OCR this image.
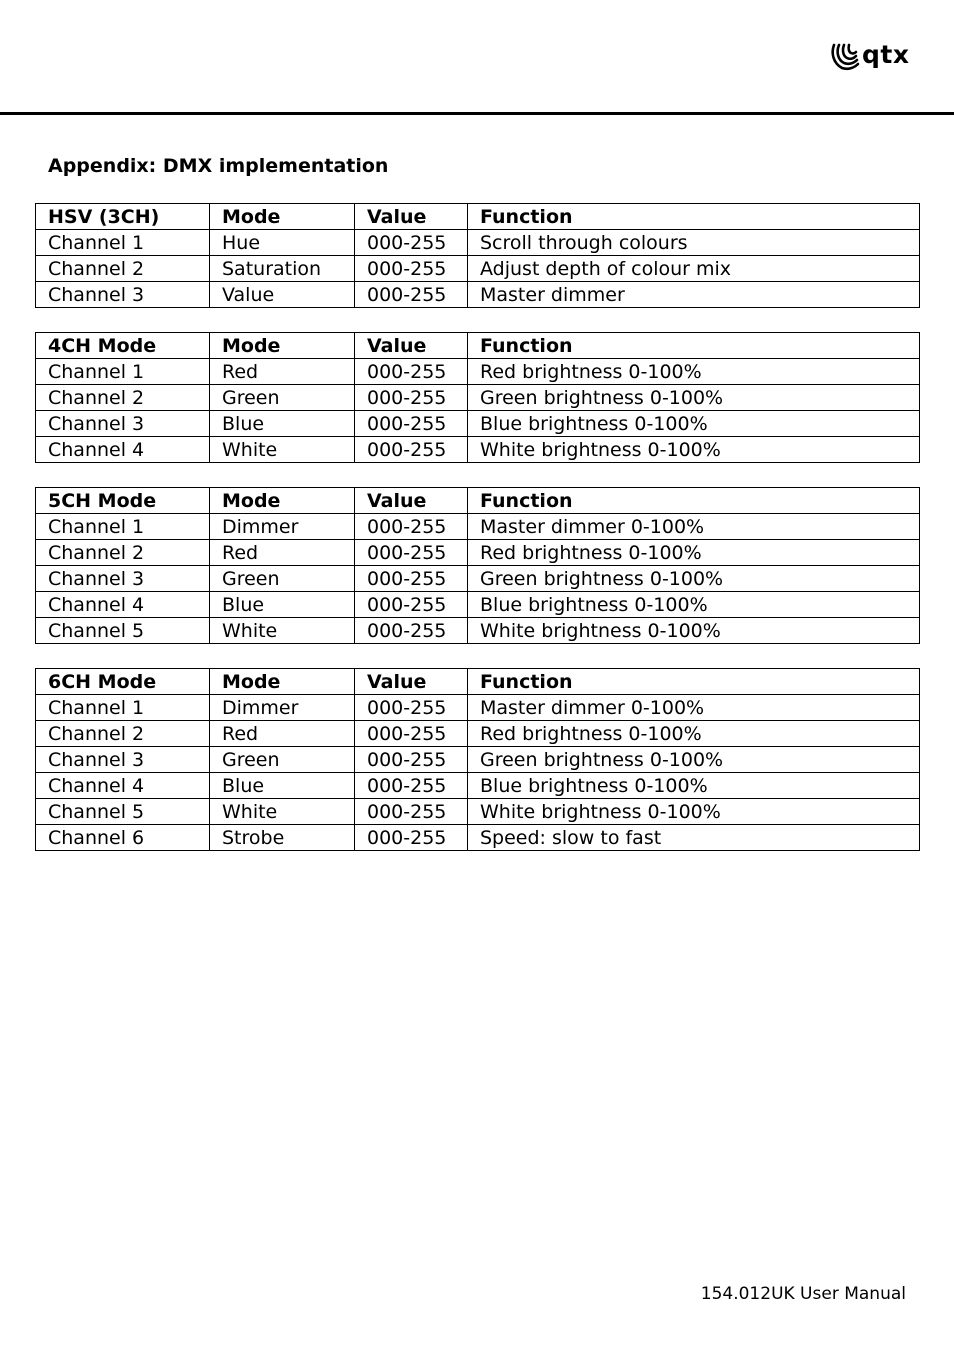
qtx
Appendix: DMX implementation
HSV (3CH)	Mode	Value	Function
Channel 1	Hue	000-255	Scroll through colours
Channel 2	Saturation	000-255	Adjust depth of colour mix
Channel 3	Value	000-255	Master dimmer
4CH Mode	Mode	Value	Function
Channel 1	Red	000-255	Red brightness 0-100%
Channel 2	Green	000-255	Green brightness 0-100%
Channel 3	Blue	000-255	Blue brightness 0-100%
Channel 4	White	000-255	White brightness 0-100%
5CH Mode	Mode	Value	Function
Channel 1	Dimmer	000-255	Master dimmer 0-100%
Channel 2	Red	000-255	Red brightness 0-100%
Channel 3	Green	000-255	Green brightness 0-100%
Channel 4	Blue	000-255	Blue brightness 0-100%
Channel 5	White	000-255	White brightness 0-100%
6CH Mode	Mode	Value	Function
Channel 1	Dimmer	000-255	Master dimmer 0-100%
Channel 2	Red	000-255	Red brightness 0-100%
Channel 3	Green	000-255	Green brightness 0-100%
Channel 4	Blue	000-255	Blue brightness 0-100%
Channel 5	White	000-255	White brightness 0-100%
Channel 6	Strobe	000-255	Speed: slow to fast
154.012UK User Manual
